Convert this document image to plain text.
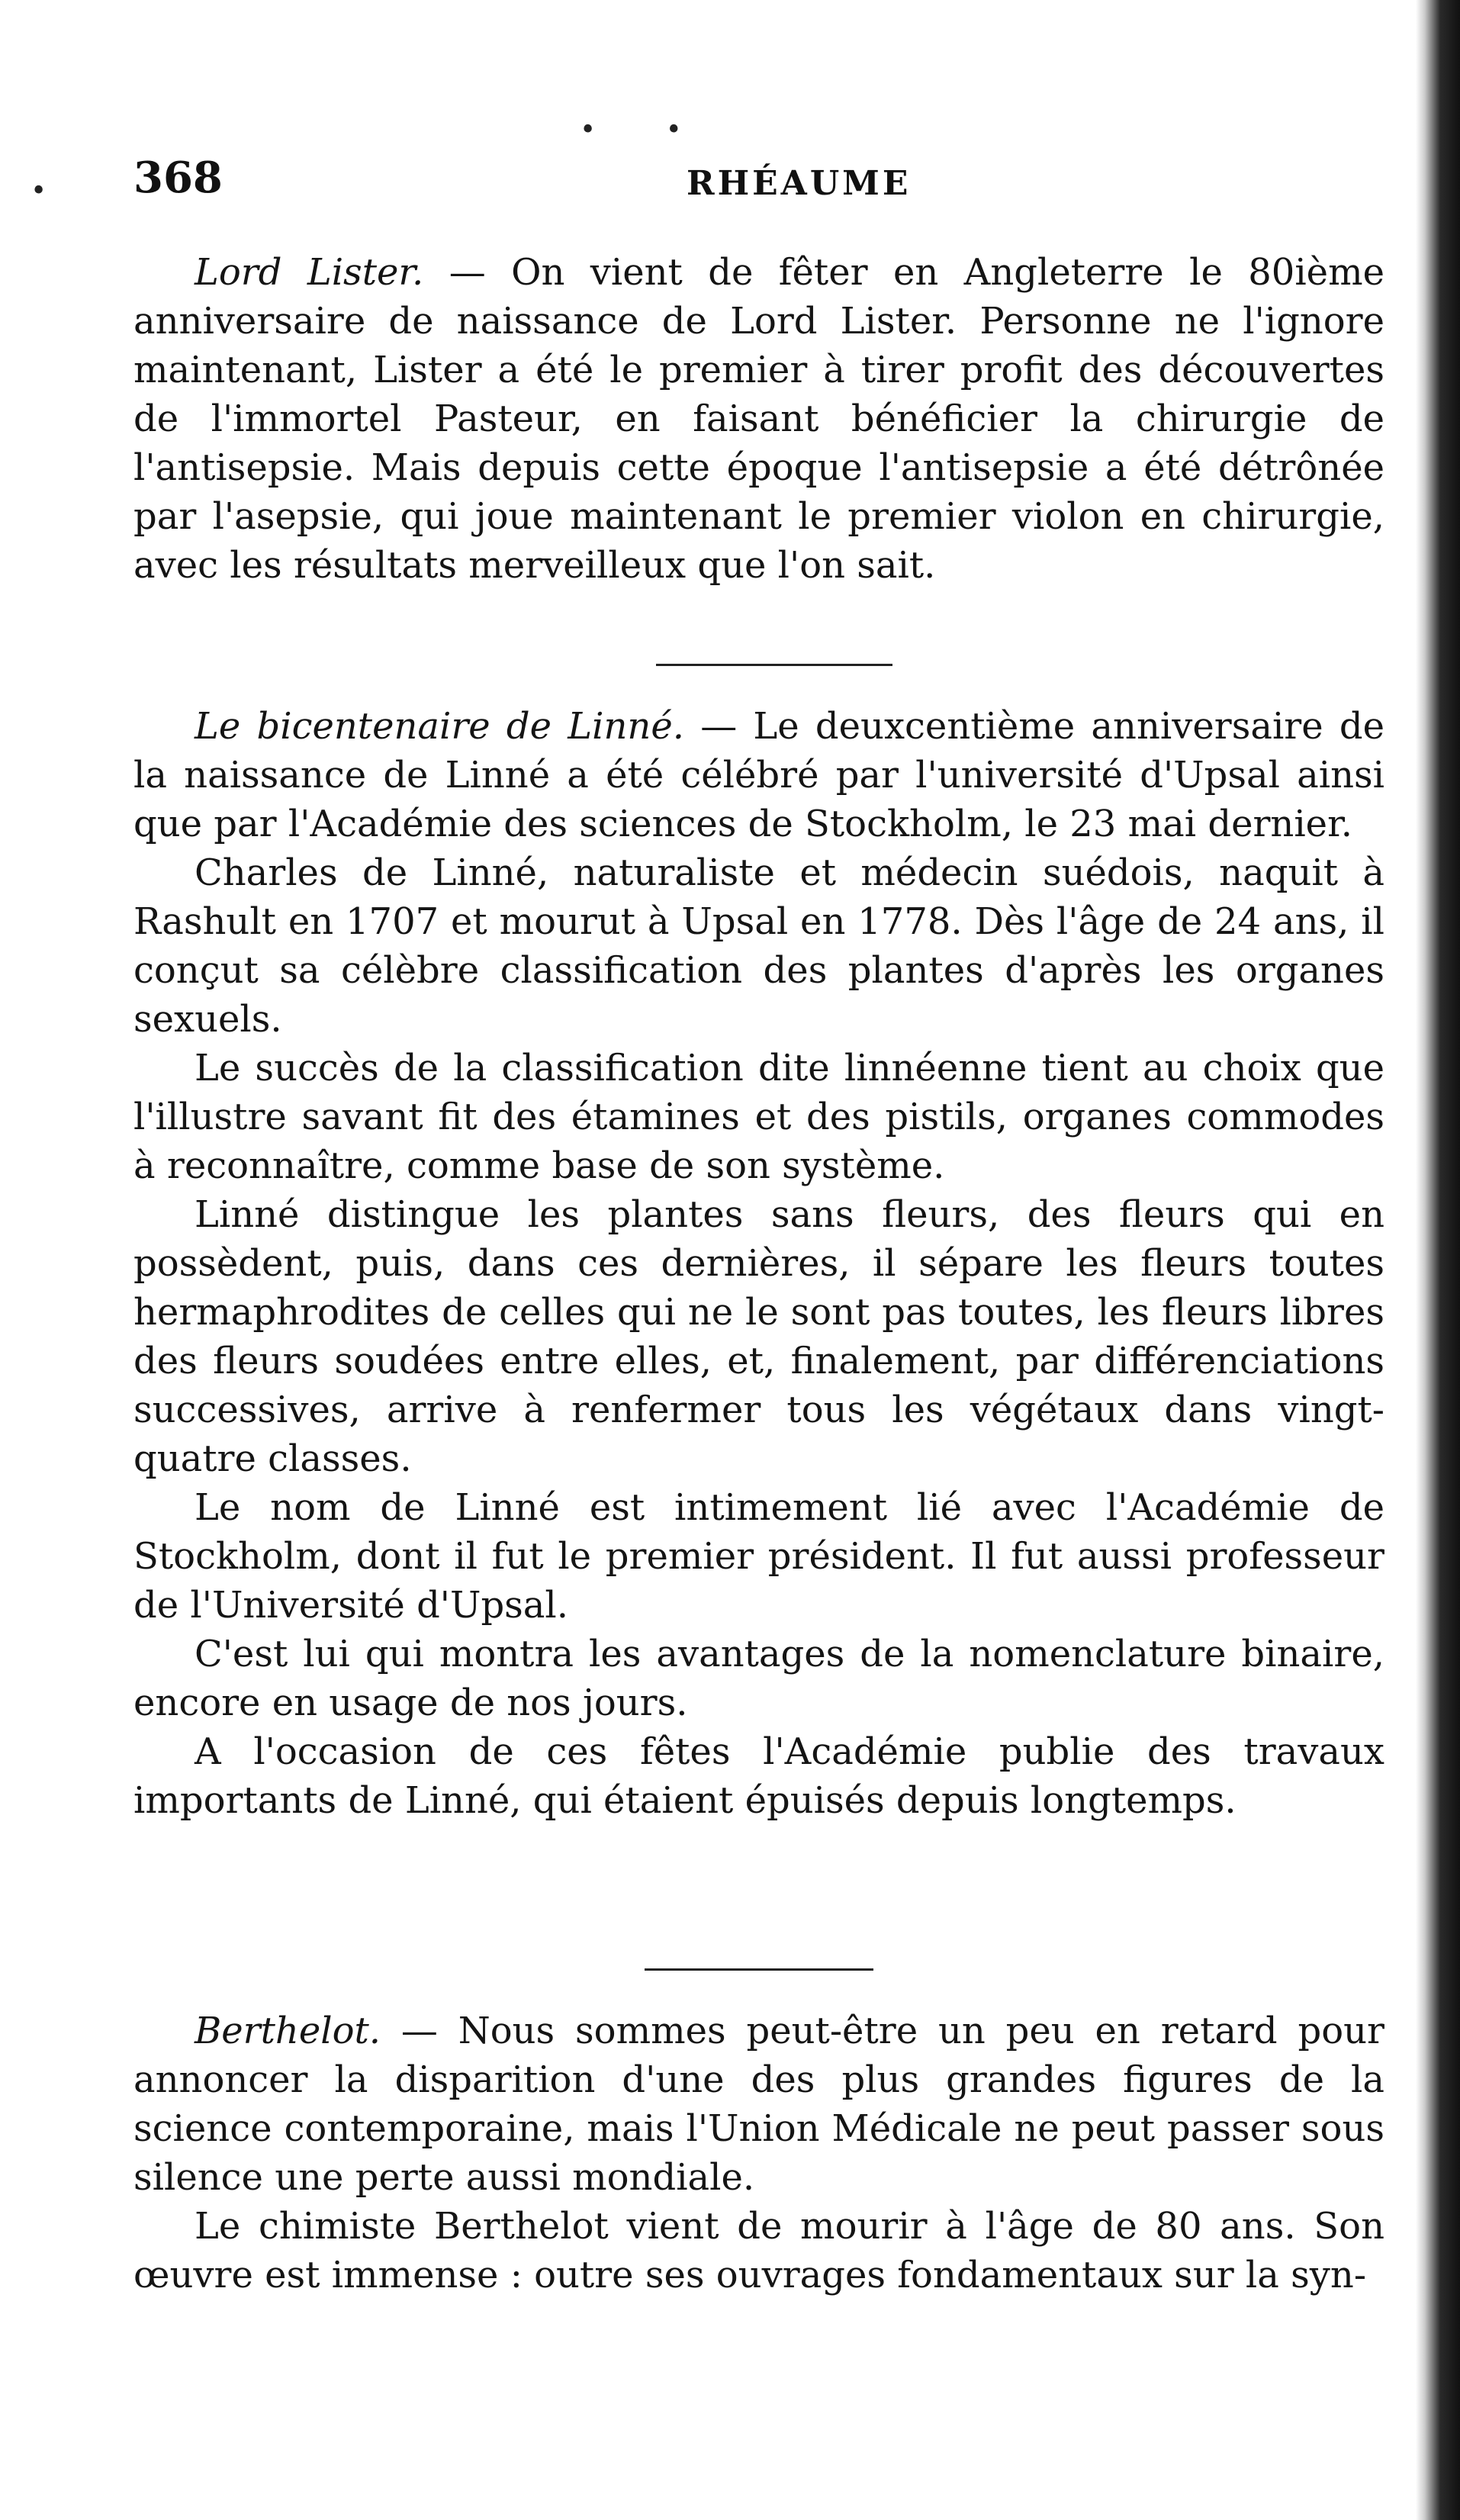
• •
• 368	RHÉAUME

Lord Lister. — On vient de fêter en Angleterre le 80ième anniversaire de naissance de Lord Lister. Personne ne l'ignore maintenant, Lister a été le premier à tirer profit des découvertes de l'immortel Pasteur, en faisant bénéficier la chirurgie de l'antisepsie. Mais depuis cette époque l'antisepsie a été détrônée par l'asepsie, qui joue maintenant le premier violon en chirurgie, avec les résultats merveilleux que l'on sait.

Le bicentenaire de Linné. — Le deuxcentième anniversaire de la naissance de Linné a été célébré par l'université d'Upsal ainsi que par l'Académie des sciences de Stockholm, le 23 mai dernier.

Charles de Linné, naturaliste et médecin suédois, naquit à Rashult en 1707 et mourut à Upsal en 1778. Dès l'âge de 24 ans, il conçut sa célèbre classification des plantes d'après les organes sexuels.

Le succès de la classification dite linnéenne tient au choix que l'illustre savant fit des étamines et des pistils, organes commodes à reconnaître, comme base de son système.

Linné distingue les plantes sans fleurs, des fleurs qui en possèdent, puis, dans ces dernières, il sépare les fleurs toutes hermaphrodites de celles qui ne le sont pas toutes, les fleurs libres des fleurs soudées entre elles, et, finalement, par différenciations successives, arrive à renfermer tous les végétaux dans vingt-quatre classes.

Le nom de Linné est intimement lié avec l'Académie de Stockholm, dont il fut le premier président. Il fut aussi professeur de l'Université d'Upsal.

C'est lui qui montra les avantages de la nomenclature binaire, encore en usage de nos jours.

A l'occasion de ces fêtes l'Académie publie des travaux importants de Linné, qui étaient épuisés depuis longtemps.

Berthelot. — Nous sommes peut-être un peu en retard pour annoncer la disparition d'une des plus grandes figures de la science contemporaine, mais l'Union Médicale ne peut passer sous silence une perte aussi mondiale.

Le chimiste Berthelot vient de mourir à l'âge de 80 ans. Son œuvre est immense : outre ses ouvrages fondamentaux sur la syn-
